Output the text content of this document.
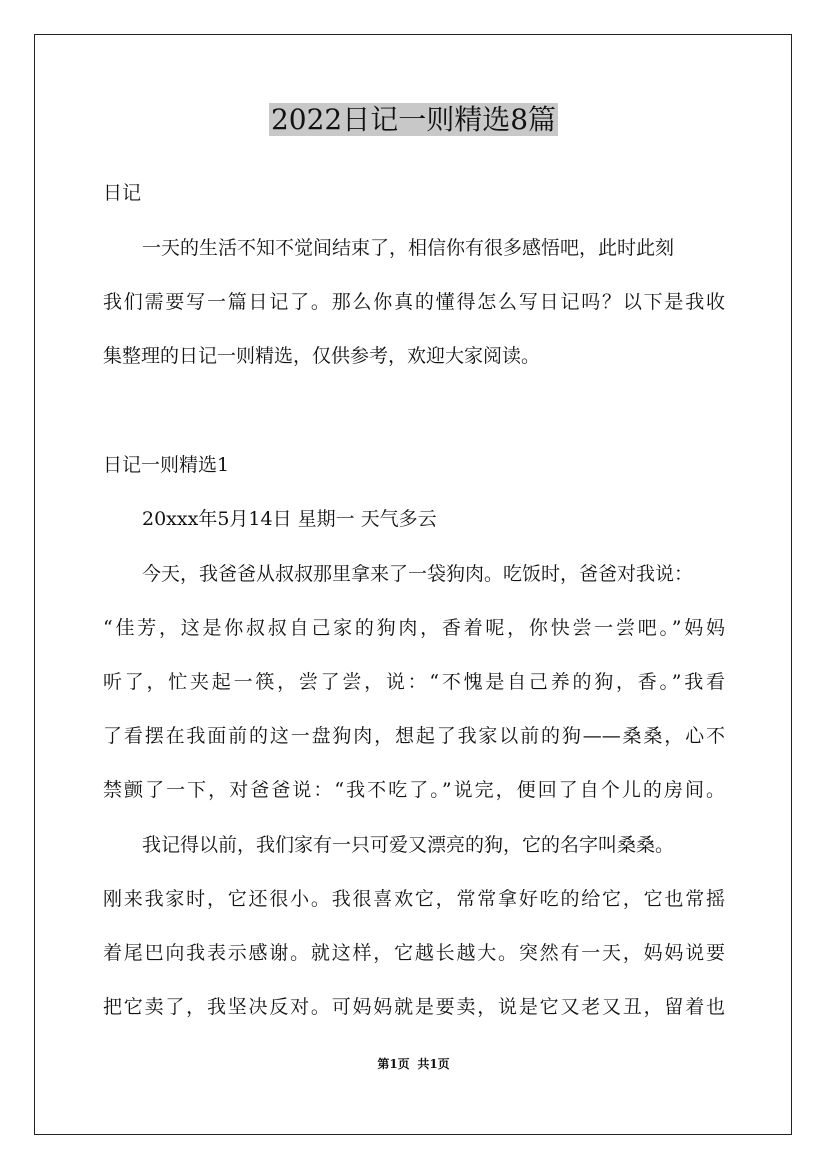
2022日记一则精选8篇
日记
一天的生活不知不觉间结束了，相信你有很多感悟吧，此时此刻
我们需要写一篇日记了。那么你真的懂得怎么写日记吗？以下是我收
集整理的日记一则精选，仅供参考，欢迎大家阅读。
日记一则精选1
20xxx年5月14日 星期一 天气多云
今天，我爸爸从叔叔那里拿来了一袋狗肉。吃饭时，爸爸对我说：
“佳芳，这是你叔叔自己家的狗肉，香着呢，你快尝一尝吧。”妈妈
听了，忙夹起一筷，尝了尝，说：“不愧是自己养的狗，香。”我看
了看摆在我面前的这一盘狗肉，想起了我家以前的狗——桑桑，心不
禁颤了一下，对爸爸说：“我不吃了。”说完，便回了自个儿的房间。
我记得以前，我们家有一只可爱又漂亮的狗，它的名字叫桑桑。
刚来我家时，它还很小。我很喜欢它，常常拿好吃的给它，它也常摇
着尾巴向我表示感谢。就这样，它越长越大。突然有一天，妈妈说要
把它卖了，我坚决反对。可妈妈就是要卖，说是它又老又丑，留着也
第1页 共1页
